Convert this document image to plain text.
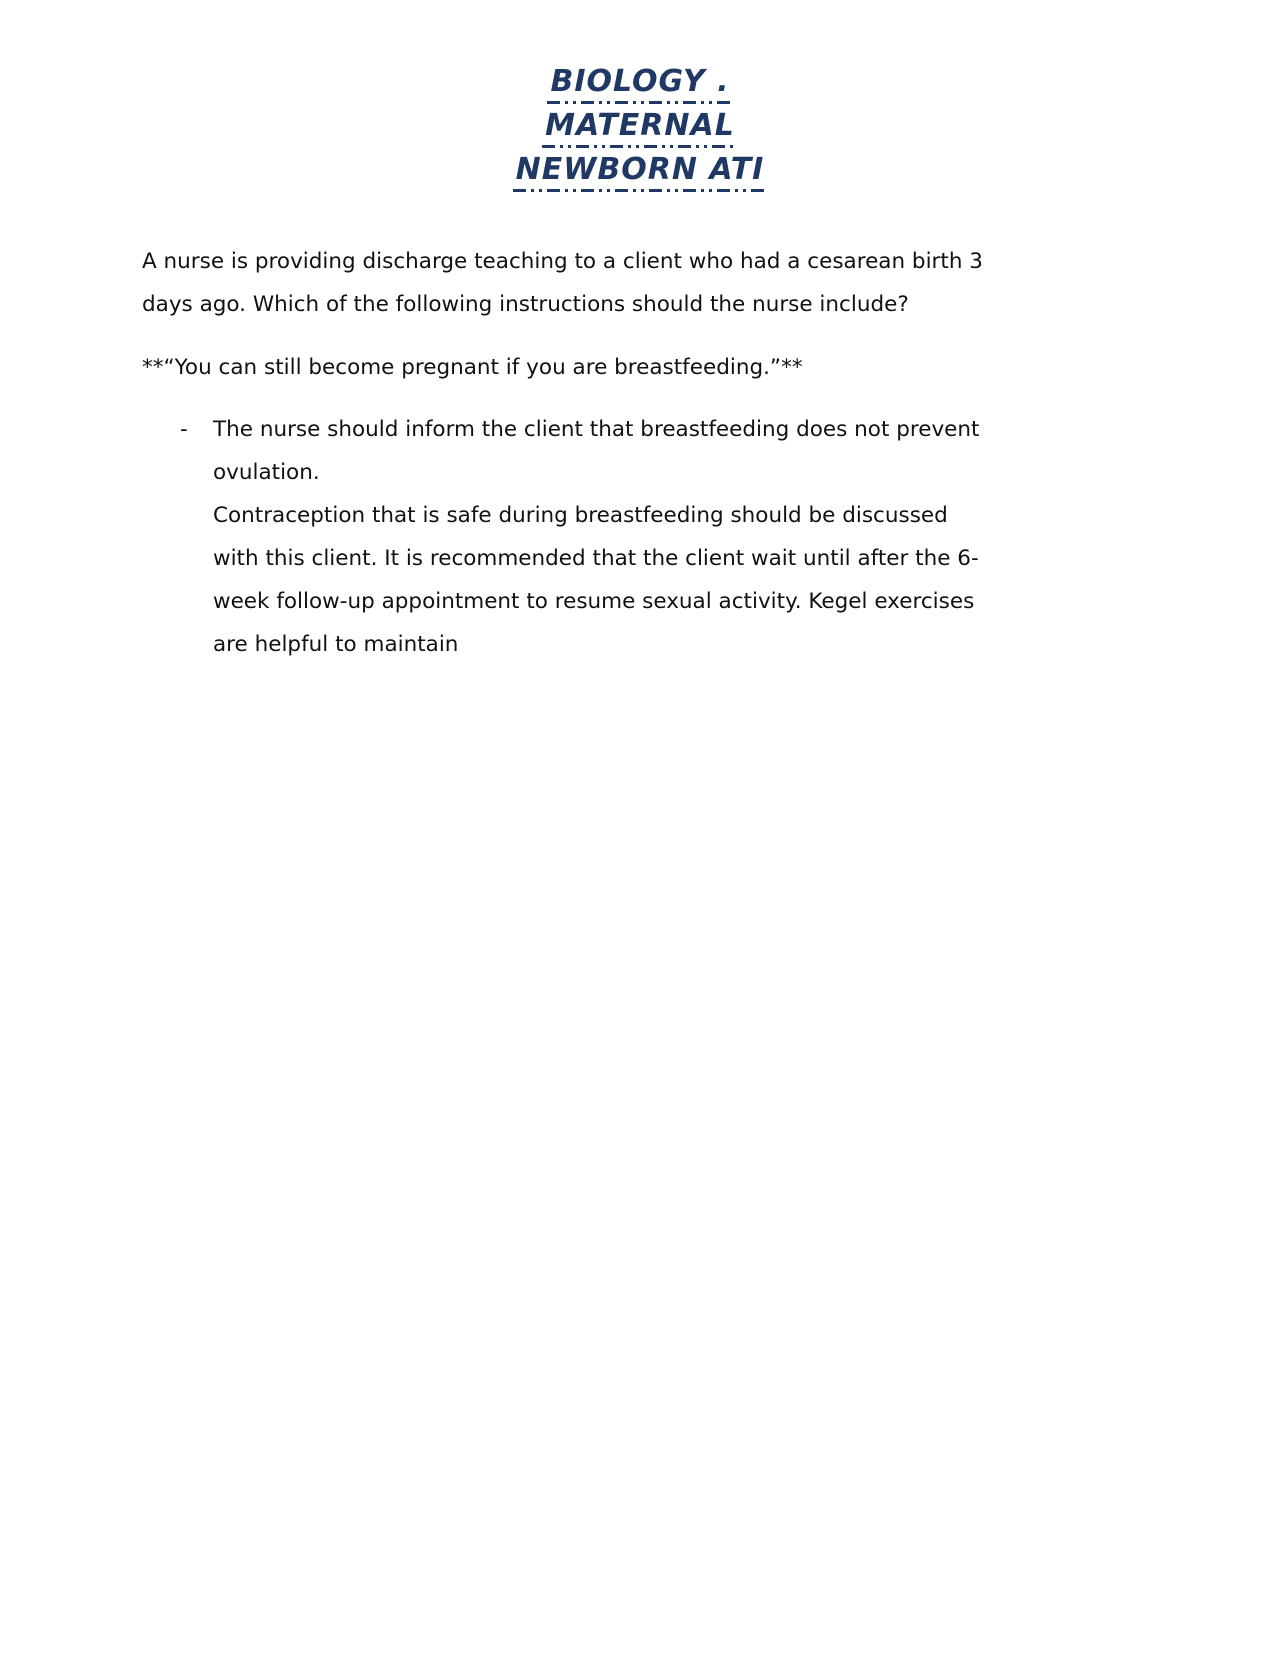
BIOLOGY .
MATERNAL
NEWBORN ATI

A nurse is providing discharge teaching to a client who had a cesarean birth 3
days ago. Which of the following instructions should the nurse include?

**“You can still become pregnant if you are breastfeeding.”**

-	The nurse should inform the client that breastfeeding does not prevent
ovulation.
Contraception that is safe during breastfeeding should be discussed
with this client. It is recommended that the client wait until after the 6-
week follow-up appointment to resume sexual activity. Kegel exercises
are helpful to maintain
